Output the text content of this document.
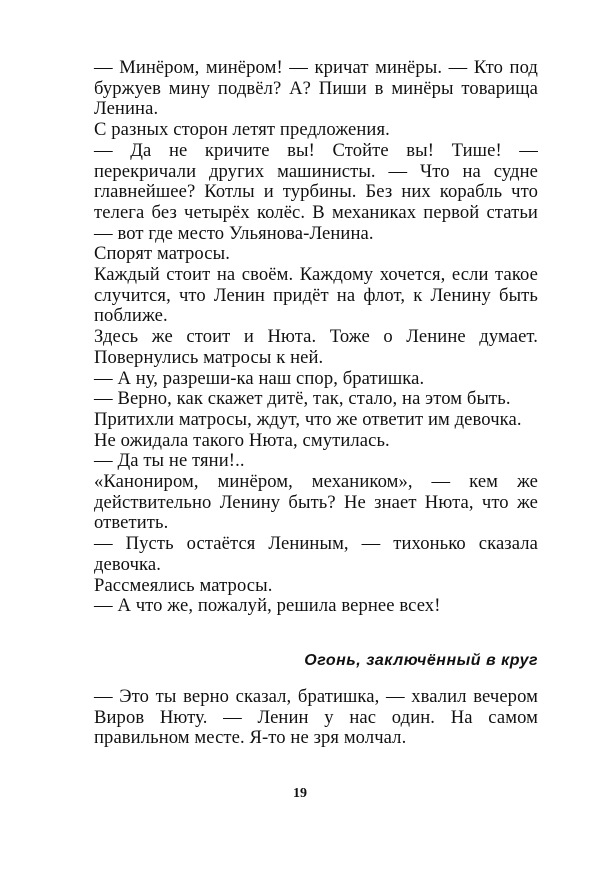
— Минёром, минёром! — кричат минёры. — Кто под буржуев мину подвёл? А? Пиши в минёры товарища Ленина.

С разных сторон летят предложения.

— Да не кричите вы! Стойте вы! Тише! — перекричали других машинисты. — Что на судне главнейшее? Котлы и турбины. Без них корабль что телега без четырёх колёс. В механиках первой статьи — вот где место Ульянова-Ленина.

Спорят матросы.

Каждый стоит на своём. Каждому хочется, если такое случится, что Ленин придёт на флот, к Ленину быть поближе.

Здесь же стоит и Нюта. Тоже о Ленине думает. Повернулись матросы к ней.

— А ну, разреши-ка наш спор, братишка.

— Верно, как скажет дитё, так, стало, на этом быть.

Притихли матросы, ждут, что же ответит им девочка.

Не ожидала такого Нюта, смутилась.

— Да ты не тяни!..

«Канониром, минёром, механиком», — кем же действительно Ленину быть? Не знает Нюта, что же ответить.

— Пусть остаётся Лениным, — тихонько сказала девочка.

Рассмеялись матросы.

— А что же, пожалуй, решила вернее всех!

Огонь, заключённый в круг

— Это ты верно сказал, братишка, — хвалил вечером Виров Нюту. — Ленин у нас один. На самом правильном месте. Я-то не зря молчал.

19
